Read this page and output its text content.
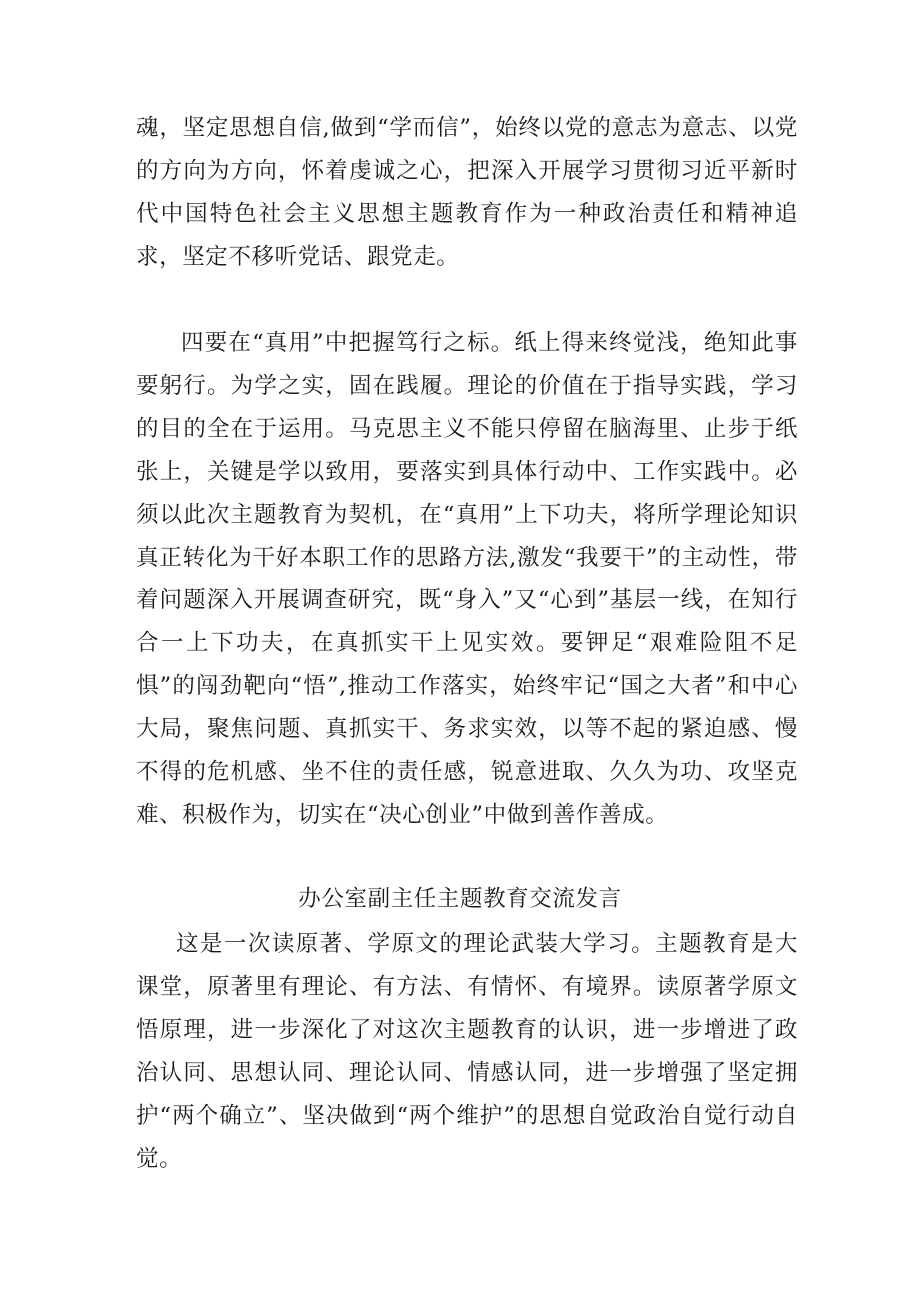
魂，坚定思想自信,做到“学而信”，始终以党的意志为意志、以党的方向为方向，怀着虔诚之心，把深入开展学习贯彻习近平新时代中国特色社会主义思想主题教育作为一种政治责任和精神追求，坚定不移听党话、跟党走。

四要在“真用”中把握笃行之标。纸上得来终觉浅，绝知此事要躬行。为学之实，固在践履。理论的价值在于指导实践，学习的目的全在于运用。马克思主义不能只停留在脑海里、止步于纸张上，关键是学以致用，要落实到具体行动中、工作实践中。必须以此次主题教育为契机，在“真用”上下功夫，将所学理论知识真正转化为干好本职工作的思路方法,激发“我要干”的主动性，带着问题深入开展调查研究，既“身入”又“心到”基层一线，在知行合一上下功夫，在真抓实干上见实效。要钾足“艰难险阻不足惧”的闯劲靶向“悟”,推动工作落实，始终牢记“国之大者”和中心大局，聚焦问题、真抓实干、务求实效，以等不起的紧迫感、慢不得的危机感、坐不住的责任感，锐意进取、久久为功、攻坚克难、积极作为，切实在“决心创业”中做到善作善成。

办公室副主任主题教育交流发言

这是一次读原著、学原文的理论武装大学习。主题教育是大课堂，原著里有理论、有方法、有情怀、有境界。读原著学原文悟原理，进一步深化了对这次主题教育的认识，进一步增进了政治认同、思想认同、理论认同、情感认同，进一步增强了坚定拥护“两个确立”、坚决做到“两个维护”的思想自觉政治自觉行动自觉。
